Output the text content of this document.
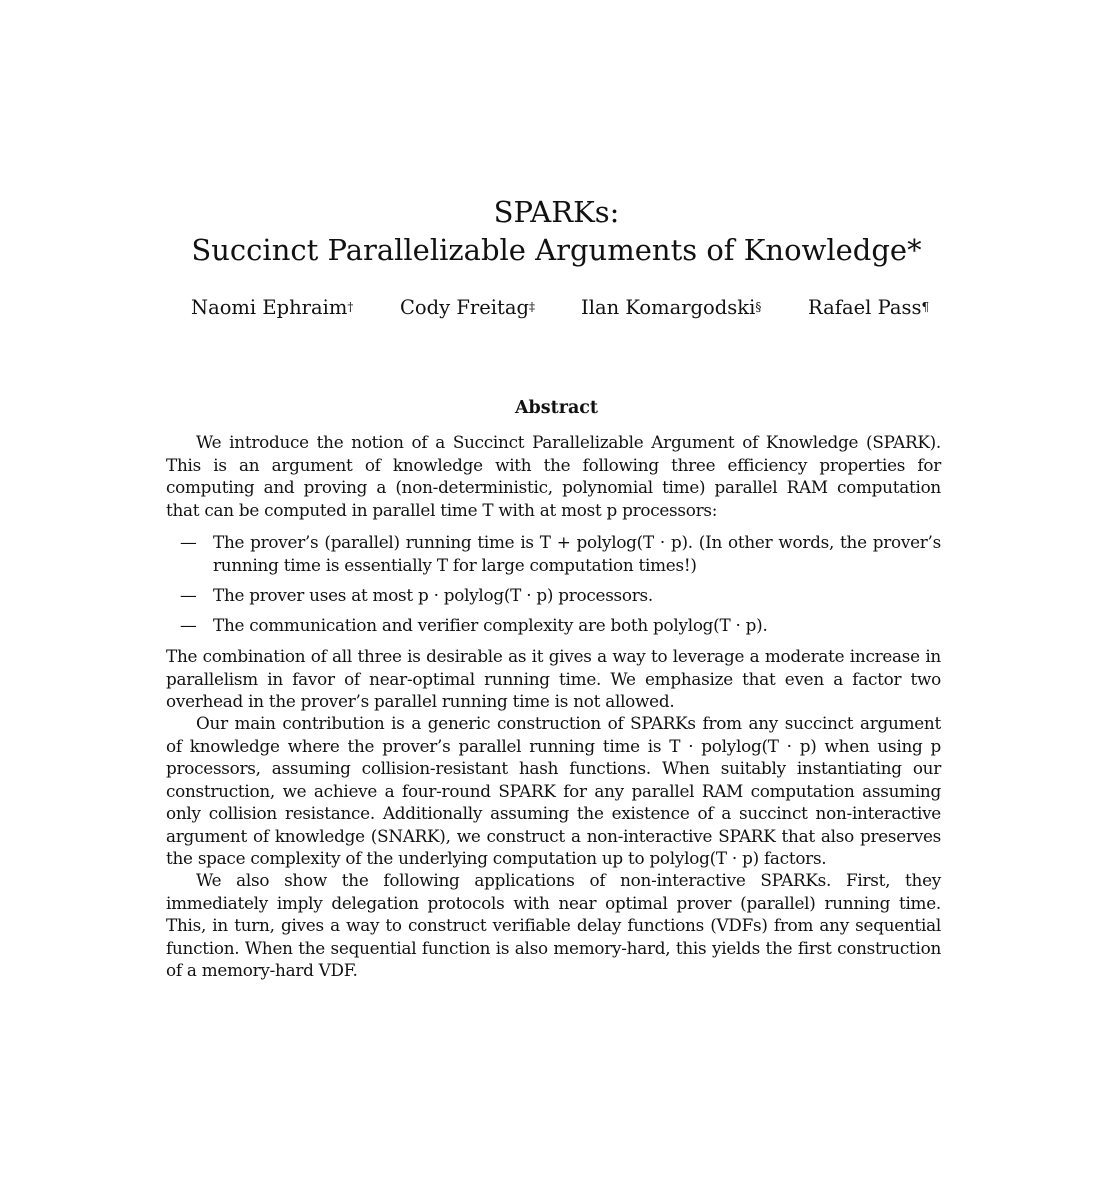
SPARKs:
Succinct Parallelizable Arguments of Knowledge*
Naomi Ephraim† Cody Freitag‡ Ilan Komargodski§ Rafael Pass¶
Abstract
We introduce the notion of a Succinct Parallelizable Argument of Knowledge (SPARK). This is an argument of knowledge with the following three efficiency properties for computing and proving a (non-deterministic, polynomial time) parallel RAM computation that can be computed in parallel time T with at most p processors:
— The prover’s (parallel) running time is T + polylog(T · p). (In other words, the prover’s running time is essentially T for large computation times!)
— The prover uses at most p · polylog(T · p) processors.
— The communication and verifier complexity are both polylog(T · p).
The combination of all three is desirable as it gives a way to leverage a moderate increase in parallelism in favor of near-optimal running time. We emphasize that even a factor two overhead in the prover’s parallel running time is not allowed.
Our main contribution is a generic construction of SPARKs from any succinct argument of knowledge where the prover’s parallel running time is T · polylog(T · p) when using p processors, assuming collision-resistant hash functions. When suitably instantiating our construction, we achieve a four-round SPARK for any parallel RAM computation assuming only collision resistance. Additionally assuming the existence of a succinct non-interactive argument of knowledge (SNARK), we construct a non-interactive SPARK that also preserves the space complexity of the underlying computation up to polylog(T · p) factors.
We also show the following applications of non-interactive SPARKs. First, they immediately imply delegation protocols with near optimal prover (parallel) running time. This, in turn, gives a way to construct verifiable delay functions (VDFs) from any sequential function. When the sequential function is also memory-hard, this yields the first construction of a memory-hard VDF.
